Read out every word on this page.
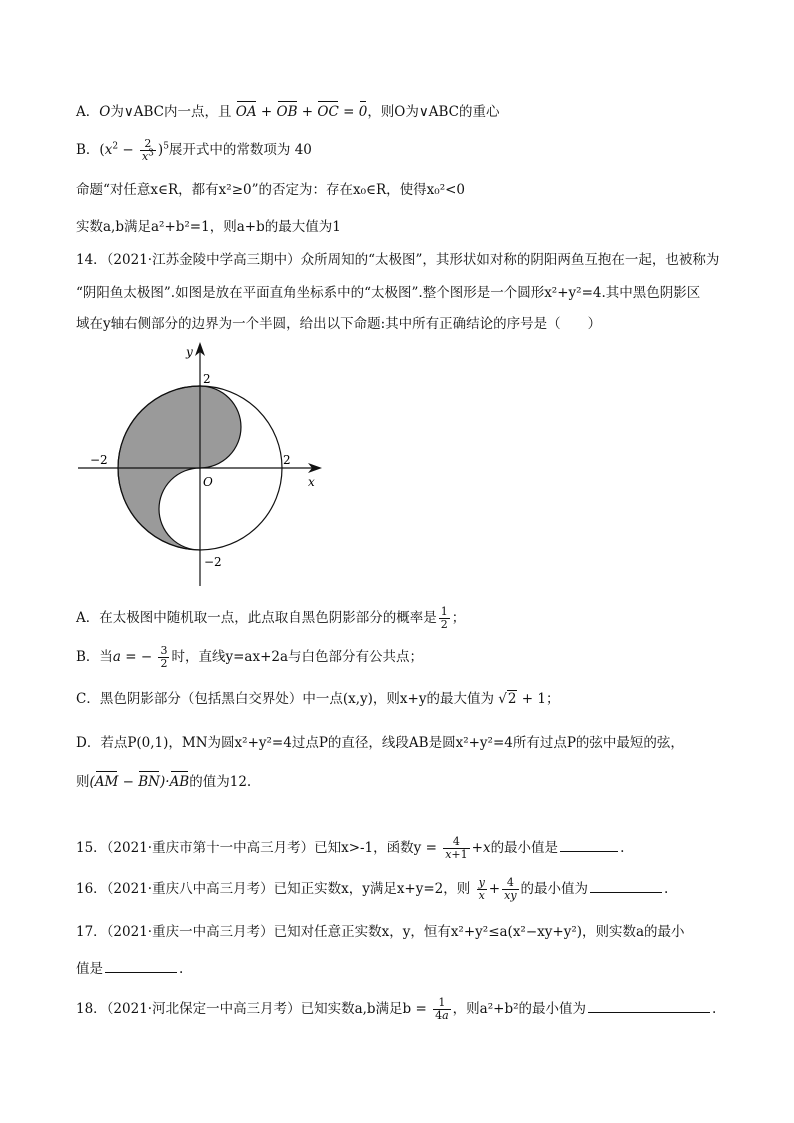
A．O为∨ABC内一点，且 OA + OB + OC = 0，则O为∨ABC的重心
B．$(x^2 - \frac{2}{x^3} )^5$展开式中的常数项为 40
命题“对任意x∈R，都有x²≥0”的否定为：存在x₀∈R，使得x₀²<0
实数a,b满足a²+b²=1，则a+b的最大值为1
14．（2021·江苏金陵中学高三期中）众所周知的“太极图”，其形状如对称的阴阳两鱼互抱在一起，也被称为
“阴阳鱼太极图”.如图是放在平面直角坐标系中的“太极图”.整个图形是一个圆形x²+y²=4.其中黑色阴影区
域在y轴右侧部分的边界为一个半圆，给出以下命题:其中所有正确结论的序号是（　　）
y
x
O
2
−2	2
−2
A．在太极图中随机取一点，此点取自黑色阴影部分的概率是 $\frac{1}{2}$ ；
B．当a = − $\frac{3}{2}$ 时，直线y=ax+2a与白色部分有公共点；
C．黑色阴影部分（包括黑白交界处）中一点(x,y)，则x+y的最大值为 √2 + 1；
D．若点P(0,1)，MN为圆x²+y²=4过点P的直径，线段AB是圆x²+y²=4所有过点P的弦中最短的弦，
则(AM − BN)·AB的值为12.
15．（2021·重庆市第十一中高三月考）已知x>-1，函数$y = \frac{4}{x+1} +x$的最小值是	.
16．（2021·重庆八中高三月考）已知正实数x，y满足x+y=2，则 $\frac{y}{x} + \frac{4}{xy}$ 的最小值为	.
17．（2021·重庆一中高三月考）已知对任意正实数x，y，恒有x²+y²≤a(x²−xy+y²)，则实数a的最小
值是	.
18．（2021·河北保定一中高三月考）已知实数a,b满足$b = \frac{1}{4a}$ ，则a²+b²的最小值为	.
